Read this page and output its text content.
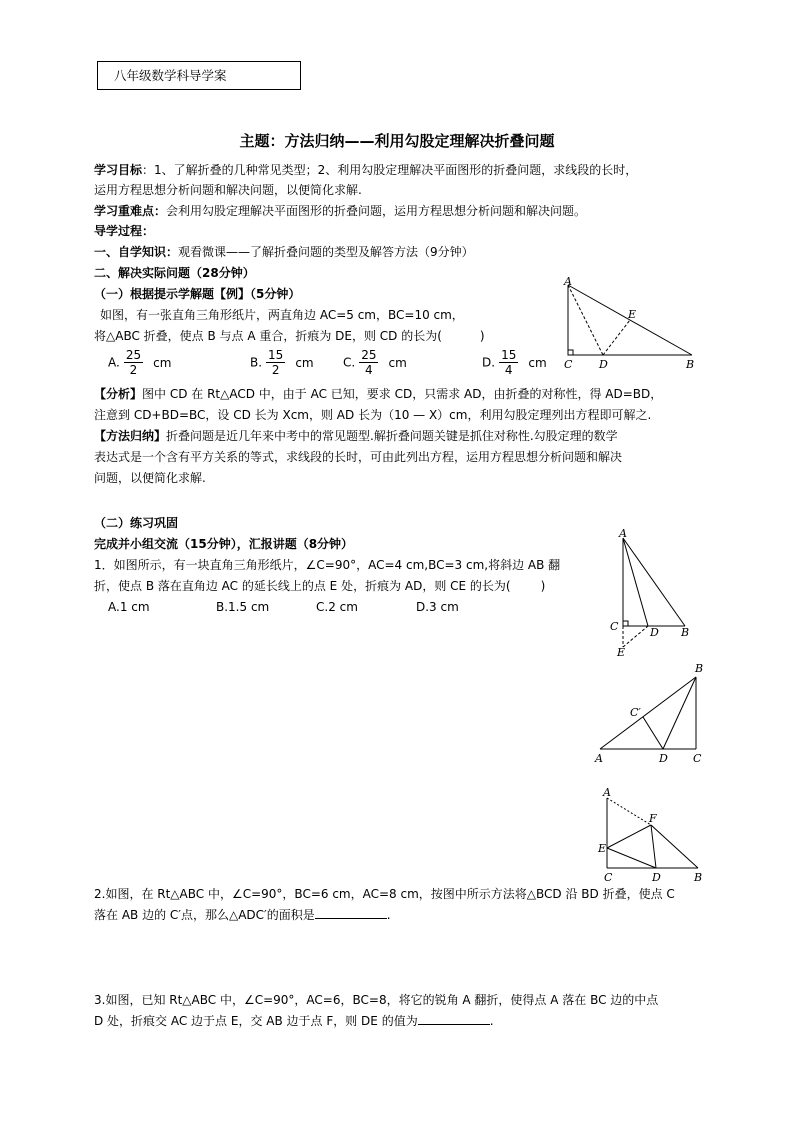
八年级数学科导学案
主题：方法归纳——利用勾股定理解决折叠问题
学习目标：1、了解折叠的几种常见类型；2、利用勾股定理解决平面图形的折叠问题，求线段的长时，
运用方程思想分析问题和解决问题，以便简化求解.
学习重难点：会利用勾股定理解决平面图形的折叠问题，运用方程思想分析问题和解决问题。
导学过程：
一、自学知识：观看微课——了解折叠问题的类型及解答方法（9分钟）
二、解决实际问题（28分钟）
（一）根据提示学解题【例】（5分钟）
如图，有一张直角三角形纸片，两直角边 AC=5 cm，BC=10 cm，
将△ABC 折叠，使点 B 与点 A 重合，折痕为 DE，则 CD 的长为(	)
A. $\frac{25}{2}$ cm	B. $\frac{15}{2}$ cm C. $\frac{25}{4}$ cm	D. $\frac{15}{4}$ cm
【分析】图中 CD 在 Rt△ACD 中，由于 AC 已知，要求 CD，只需求 AD，由折叠的对称性，得 AD=BD，
注意到 CD+BD=BC，设 CD 长为 Xcm，则 AD 长为（10 — X）cm，利用勾股定理列出方程即可解之.
【方法归纳】折叠问题是近几年来中考中的常见题型.解折叠问题关键是抓住对称性.勾股定理的数学
表达式是一个含有平方关系的等式，求线段的长时，可由此列出方程，运用方程思想分析问题和解决
问题，以便简化求解.
（二）练习巩固
完成并小组交流（15分钟），汇报讲题（8分钟）
1．如图所示，有一块直角三角形纸片，∠C=90°，AC=4 cm,BC=3 cm,将斜边 AB 翻
折，使点 B 落在直角边 AC 的延长线上的点 E 处，折痕为 AD，则 CE 的长为(	)
A.1 cm	B.1.5 cm	C.2 cm	D.3 cm
2.如图，在 Rt△ABC 中，∠C=90°，BC=6 cm，AC=8 cm，按图中所示方法将△BCD 沿 BD 折叠，使点 C
落在 AB 边的 C′点，那么△ADC′的面积是	.
3.如图，已知 Rt△ABC 中，∠C=90°，AC=6，BC=8，将它的锐角 A 翻折，使得点 A 落在 BC 边的中点
D 处，折痕交 AC 边于点 E，交 AB 边于点 F，则 DE 的值为	.
A
E
C D	B
A
C	D B
E
B
C′
A	D C
A
F
E
C	D	B
